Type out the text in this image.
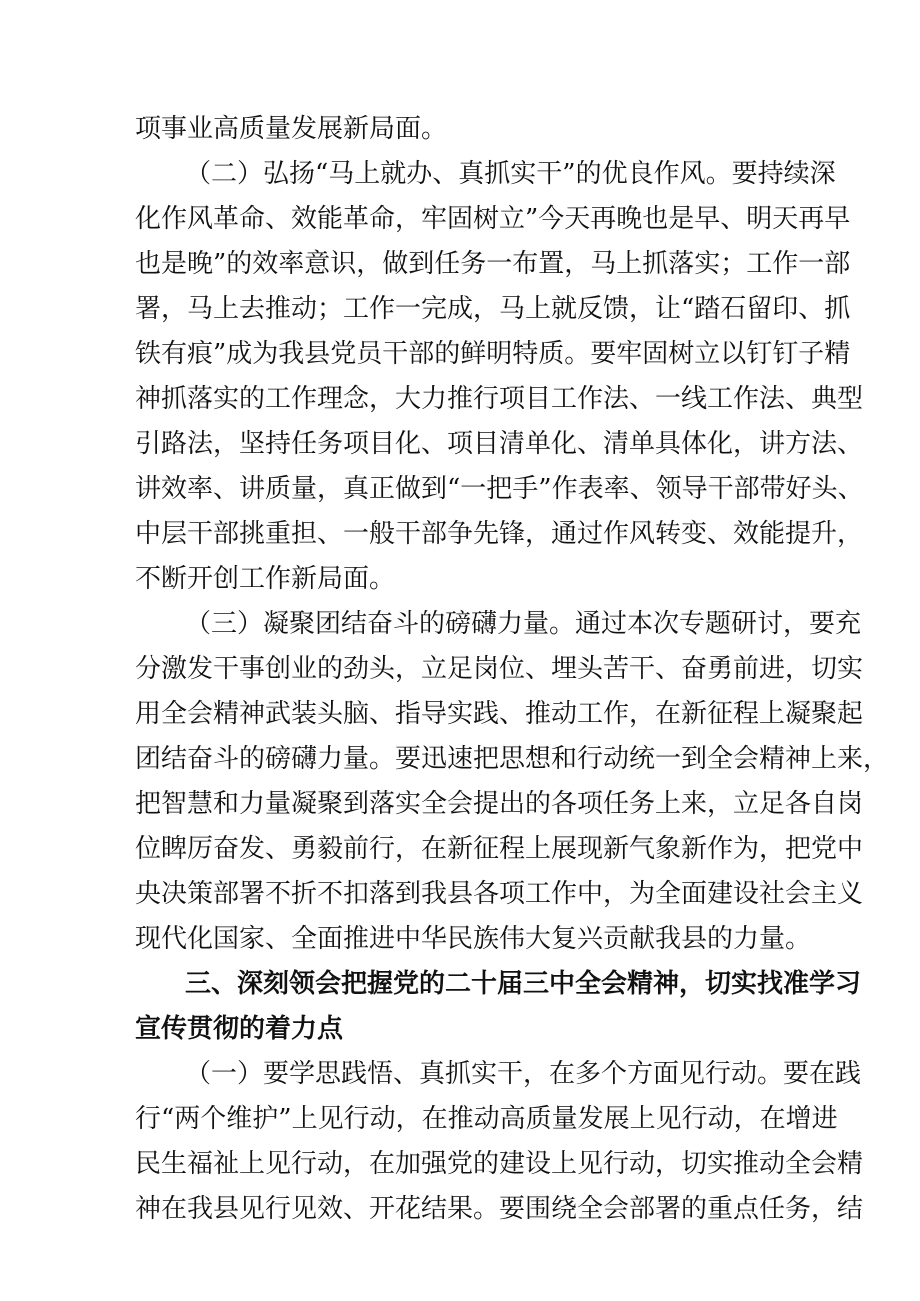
项事业高质量发展新局面。

（二）弘扬“马上就办、真抓实干”的优良作风。要持续深

化作风革命、效能革命，牢固树立”今天再晚也是早、明天再早

也是晚”的效率意识，做到任务一布置，马上抓落实；工作一部

署，马上去推动；工作一完成，马上就反馈，让“踏石留印、抓

铁有痕”成为我县党员干部的鲜明特质。要牢固树立以钉钉子精

神抓落实的工作理念，大力推行项目工作法、一线工作法、典型

引路法，坚持任务项目化、项目清单化、清单具体化，讲方法、

讲效率、讲质量，真正做到“一把手”作表率、领导干部带好头、

中层干部挑重担、一般干部争先锋，通过作风转变、效能提升，

不断开创工作新局面。

（三）凝聚团结奋斗的磅礴力量。通过本次专题研讨，要充

分激发干事创业的劲头，立足岗位、埋头苦干、奋勇前进，切实

用全会精神武装头脑、指导实践、推动工作，在新征程上凝聚起

团结奋斗的磅礴力量。要迅速把思想和行动统一到全会精神上来，

把智慧和力量凝聚到落实全会提出的各项任务上来，立足各自岗

位睥厉奋发、勇毅前行，在新征程上展现新气象新作为，把党中

央决策部署不折不扣落到我县各项工作中，为全面建设社会主义

现代化国家、全面推进中华民族伟大复兴贡献我县的力量。

三、深刻领会把握党的二十届三中全会精神，切实找准学习

宣传贯彻的着力点

（一）要学思践悟、真抓实干，在多个方面见行动。要在践

行“两个维护”上见行动，在推动高质量发展上见行动，在增进

民生福祉上见行动，在加强党的建设上见行动，切实推动全会精

神在我县见行见效、开花结果。要围绕全会部署的重点任务，结
